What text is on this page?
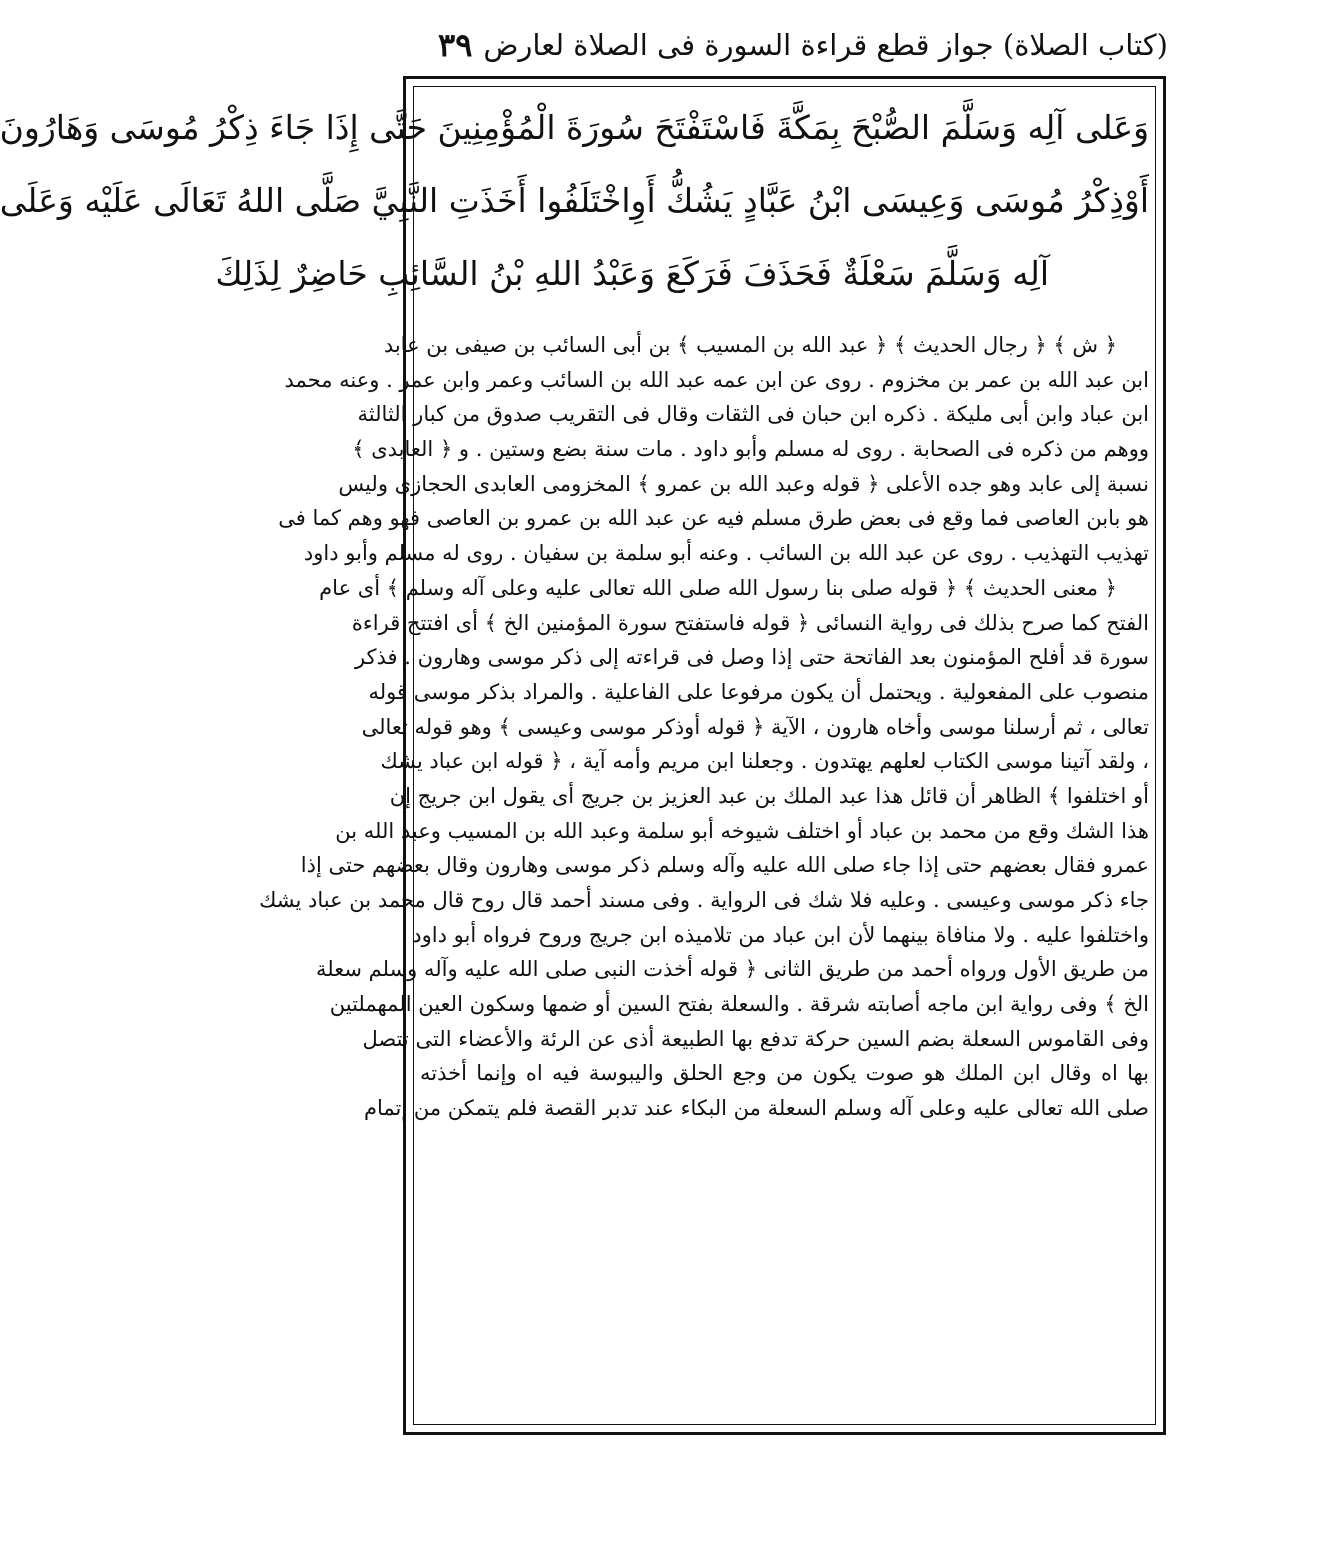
(كتاب الصلاة) جواز قطع قراءة السورة فى الصلاة لعارض
٣٩
وَعَلى آلِه وَسَلَّمَ الصُّبْحَ بِمَكَّةَ فَاسْتَفْتَحَ سُورَةَ الْمُؤْمِنِينَ حَتَّى إِذَا جَاءَ ذِكْرُ مُوسَى وَهَارُونَ
أَوْذِكْرُ مُوسَى وَعِيسَى ابْنُ عَبَّادٍ يَشُكُّ أَوِاخْتَلَفُوا أَخَذَتِ النَّبِيَّ صَلَّى اللهُ تَعَالَى عَلَيْه وَعَلَى
آلِه وَسَلَّمَ سَعْلَةٌ فَحَذَفَ فَرَكَعَ وَعَبْدُ اللهِ بْنُ السَّائِبِ حَاضِرٌ لِذَلِكَ
﴿ ش ﴾ ﴿ رجال الحديث ﴾ ﴿ عبد الله بن المسيب ﴾ بن أبى السائب بن صيفى بن عابد
ابن عبد الله بن عمر بن مخزوم . روى عن ابن عمه عبد الله بن السائب وعمر وابن عمر . وعنه محمد
ابن عباد وابن أبى مليكة . ذكره ابن حبان فى الثقات وقال فى التقريب صدوق من كبار الثالثة
ووهم من ذكره فى الصحابة . روى له مسلم وأبو داود . مات سنة بضع وستين . و ﴿ العابدى ﴾
نسبة إلى عابد وهو جده الأعلى ﴿ قوله وعبد الله بن عمرو ﴾ المخزومى العابدى الحجازى وليس
هو بابن العاصى فما وقع فى بعض طرق مسلم فيه عن عبد الله بن عمرو بن العاصى فهو وهم كما فى
تهذيب التهذيب . روى عن عبد الله بن السائب . وعنه أبو سلمة بن سفيان . روى له مسلم وأبو داود
﴿ معنى الحديث ﴾ ﴿ قوله صلى بنا رسول الله صلى الله تعالى عليه وعلى آله وسلم ﴾ أى عام
الفتح كما صرح بذلك فى رواية النسائى ﴿ قوله فاستفتح سورة المؤمنين الخ ﴾ أى افتتح قراءة
سورة قد أفلح المؤمنون بعد الفاتحة حتى إذا وصل فى قراءته إلى ذكر موسى وهارون . فذكر
منصوب على المفعولية . ويحتمل أن يكون مرفوعا على الفاعلية . والمراد بذكر موسى قوله
تعالى ، ثم أرسلنا موسى وأخاه هارون ، الآية ﴿ قوله أوذكر موسى وعيسى ﴾ وهو قوله تعالى
، ولقد آتينا موسى الكتاب لعلهم يهتدون . وجعلنا ابن مريم وأمه آية ، ﴿ قوله ابن عباد يشك
أو اختلفوا ﴾ الظاهر أن قائل هذا عبد الملك بن عبد العزيز بن جريج أى يقول ابن جريج إن
هذا الشك وقع من محمد بن عباد أو اختلف شيوخه أبو سلمة وعبد الله بن المسيب وعبد الله بن
عمرو فقال بعضهم حتى إذا جاء صلى الله عليه وآله وسلم ذكر موسى وهارون وقال بعضهم حتى إذا
جاء ذكر موسى وعيسى . وعليه فلا شك فى الرواية . وفى مسند أحمد قال روح قال محمد بن عباد يشك
واختلفوا عليه . ولا منافاة بينهما لأن ابن عباد من تلاميذه ابن جريج وروح فرواه أبو داود
من طريق الأول ورواه أحمد من طريق الثانى ﴿ قوله أخذت النبى صلى الله عليه وآله وسلم سعلة
الخ ﴾ وفى رواية ابن ماجه أصابته شرقة . والسعلة بفتح السين أو ضمها وسكون العين المهملتين
وفى القاموس السعلة بضم السين حركة تدفع بها الطبيعة أذى عن الرئة والأعضاء التى تتصل
بها اه وقال ابن الملك هو صوت يكون من وجع الحلق واليبوسة فيه اه وإنما أخذته
صلى الله تعالى عليه وعلى آله وسلم السعلة من البكاء عند تدبر القصة فلم يتمكن من إتمام
